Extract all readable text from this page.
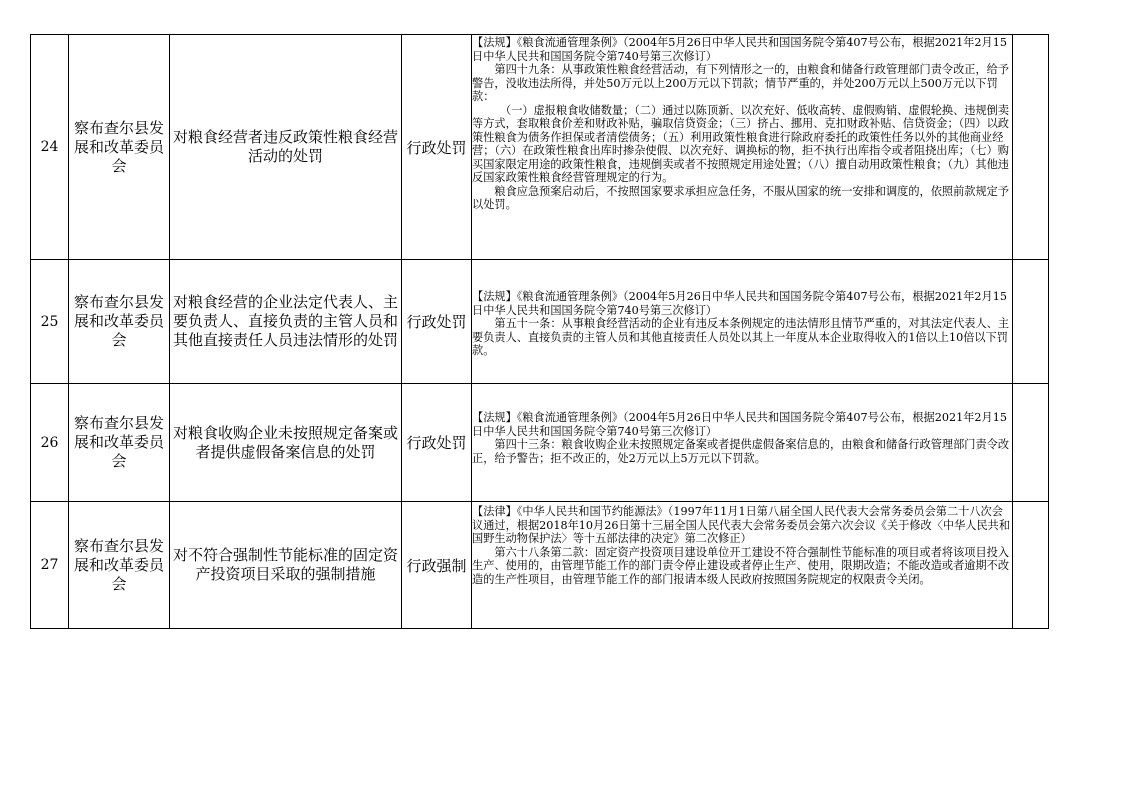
24	察布查尔县发展和改革委员会	对粮食经营者违反政策性粮食经营活动的处罚	行政处罚	【法规】《粮食流通管理条例》（2004年5月26日中华人民共和国国务院令第407号公布，根据2021年2月15日中华人民共和国国务院令第740号第三次修订）

第四十九条：从事政策性粮食经营活动，有下列情形之一的，由粮食和储备行政管理部门责令改正，给予警告，没收违法所得，并处50万元以上200万元以下罚款；情节严重的，并处200万元以上500万元以下罚款：

（一）虚报粮食收储数量；（二）通过以陈顶新、以次充好、低收高转、虚假购销、虚假轮换、违规倒卖等方式，套取粮食价差和财政补贴，骗取信贷资金；（三）挤占、挪用、克扣财政补贴、信贷资金；（四）以政策性粮食为债务作担保或者清偿债务；（五）利用政策性粮食进行除政府委托的政策性任务以外的其他商业经营；（六）在政策性粮食出库时掺杂使假、以次充好、调换标的物，拒不执行出库指令或者阻挠出库；（七）购买国家限定用途的政策性粮食，违规倒卖或者不按照规定用途处置；（八）擅自动用政策性粮食；（九）其他违反国家政策性粮食经营管理规定的行为。

粮食应急预案启动后，不按照国家要求承担应急任务，不服从国家的统一安排和调度的，依照前款规定予以处罚。	

25	察布查尔县发展和改革委员会	对粮食经营的企业法定代表人、主要负责人、直接负责的主管人员和其他直接责任人员违法情形的处罚	行政处罚	【法规】《粮食流通管理条例》（2004年5月26日中华人民共和国国务院令第407号公布，根据2021年2月15日中华人民共和国国务院令第740号第三次修订）

第五十一条：从事粮食经营活动的企业有违反本条例规定的违法情形且情节严重的，对其法定代表人、主要负责人、直接负责的主管人员和其他直接责任人员处以其上一年度从本企业取得收入的1倍以上10倍以下罚款。	

26	察布查尔县发展和改革委员会	对粮食收购企业未按照规定备案或者提供虚假备案信息的处罚	行政处罚	【法规】《粮食流通管理条例》（2004年5月26日中华人民共和国国务院令第407号公布，根据2021年2月15日中华人民共和国国务院令第740号第三次修订）

第四十三条：粮食收购企业未按照规定备案或者提供虚假备案信息的，由粮食和储备行政管理部门责令改正，给予警告；拒不改正的，处2万元以上5万元以下罚款。	

27	察布查尔县发展和改革委员会	对不符合强制性节能标准的固定资产投资项目采取的强制措施	行政强制	【法律】《中华人民共和国节约能源法》（1997年11月1日第八届全国人民代表大会常务委员会第二十八次会议通过，根据2018年10月26日第十三届全国人民代表大会常务委员会第六次会议《关于修改〈中华人民共和国野生动物保护法〉等十五部法律的决定》第二次修正）

第六十八条第二款：固定资产投资项目建设单位开工建设不符合强制性节能标准的项目或者将该项目投入生产、使用的，由管理节能工作的部门责令停止建设或者停止生产、使用，限期改造；不能改造或者逾期不改造的生产性项目，由管理节能工作的部门报请本级人民政府按照国务院规定的权限责令关闭。	
